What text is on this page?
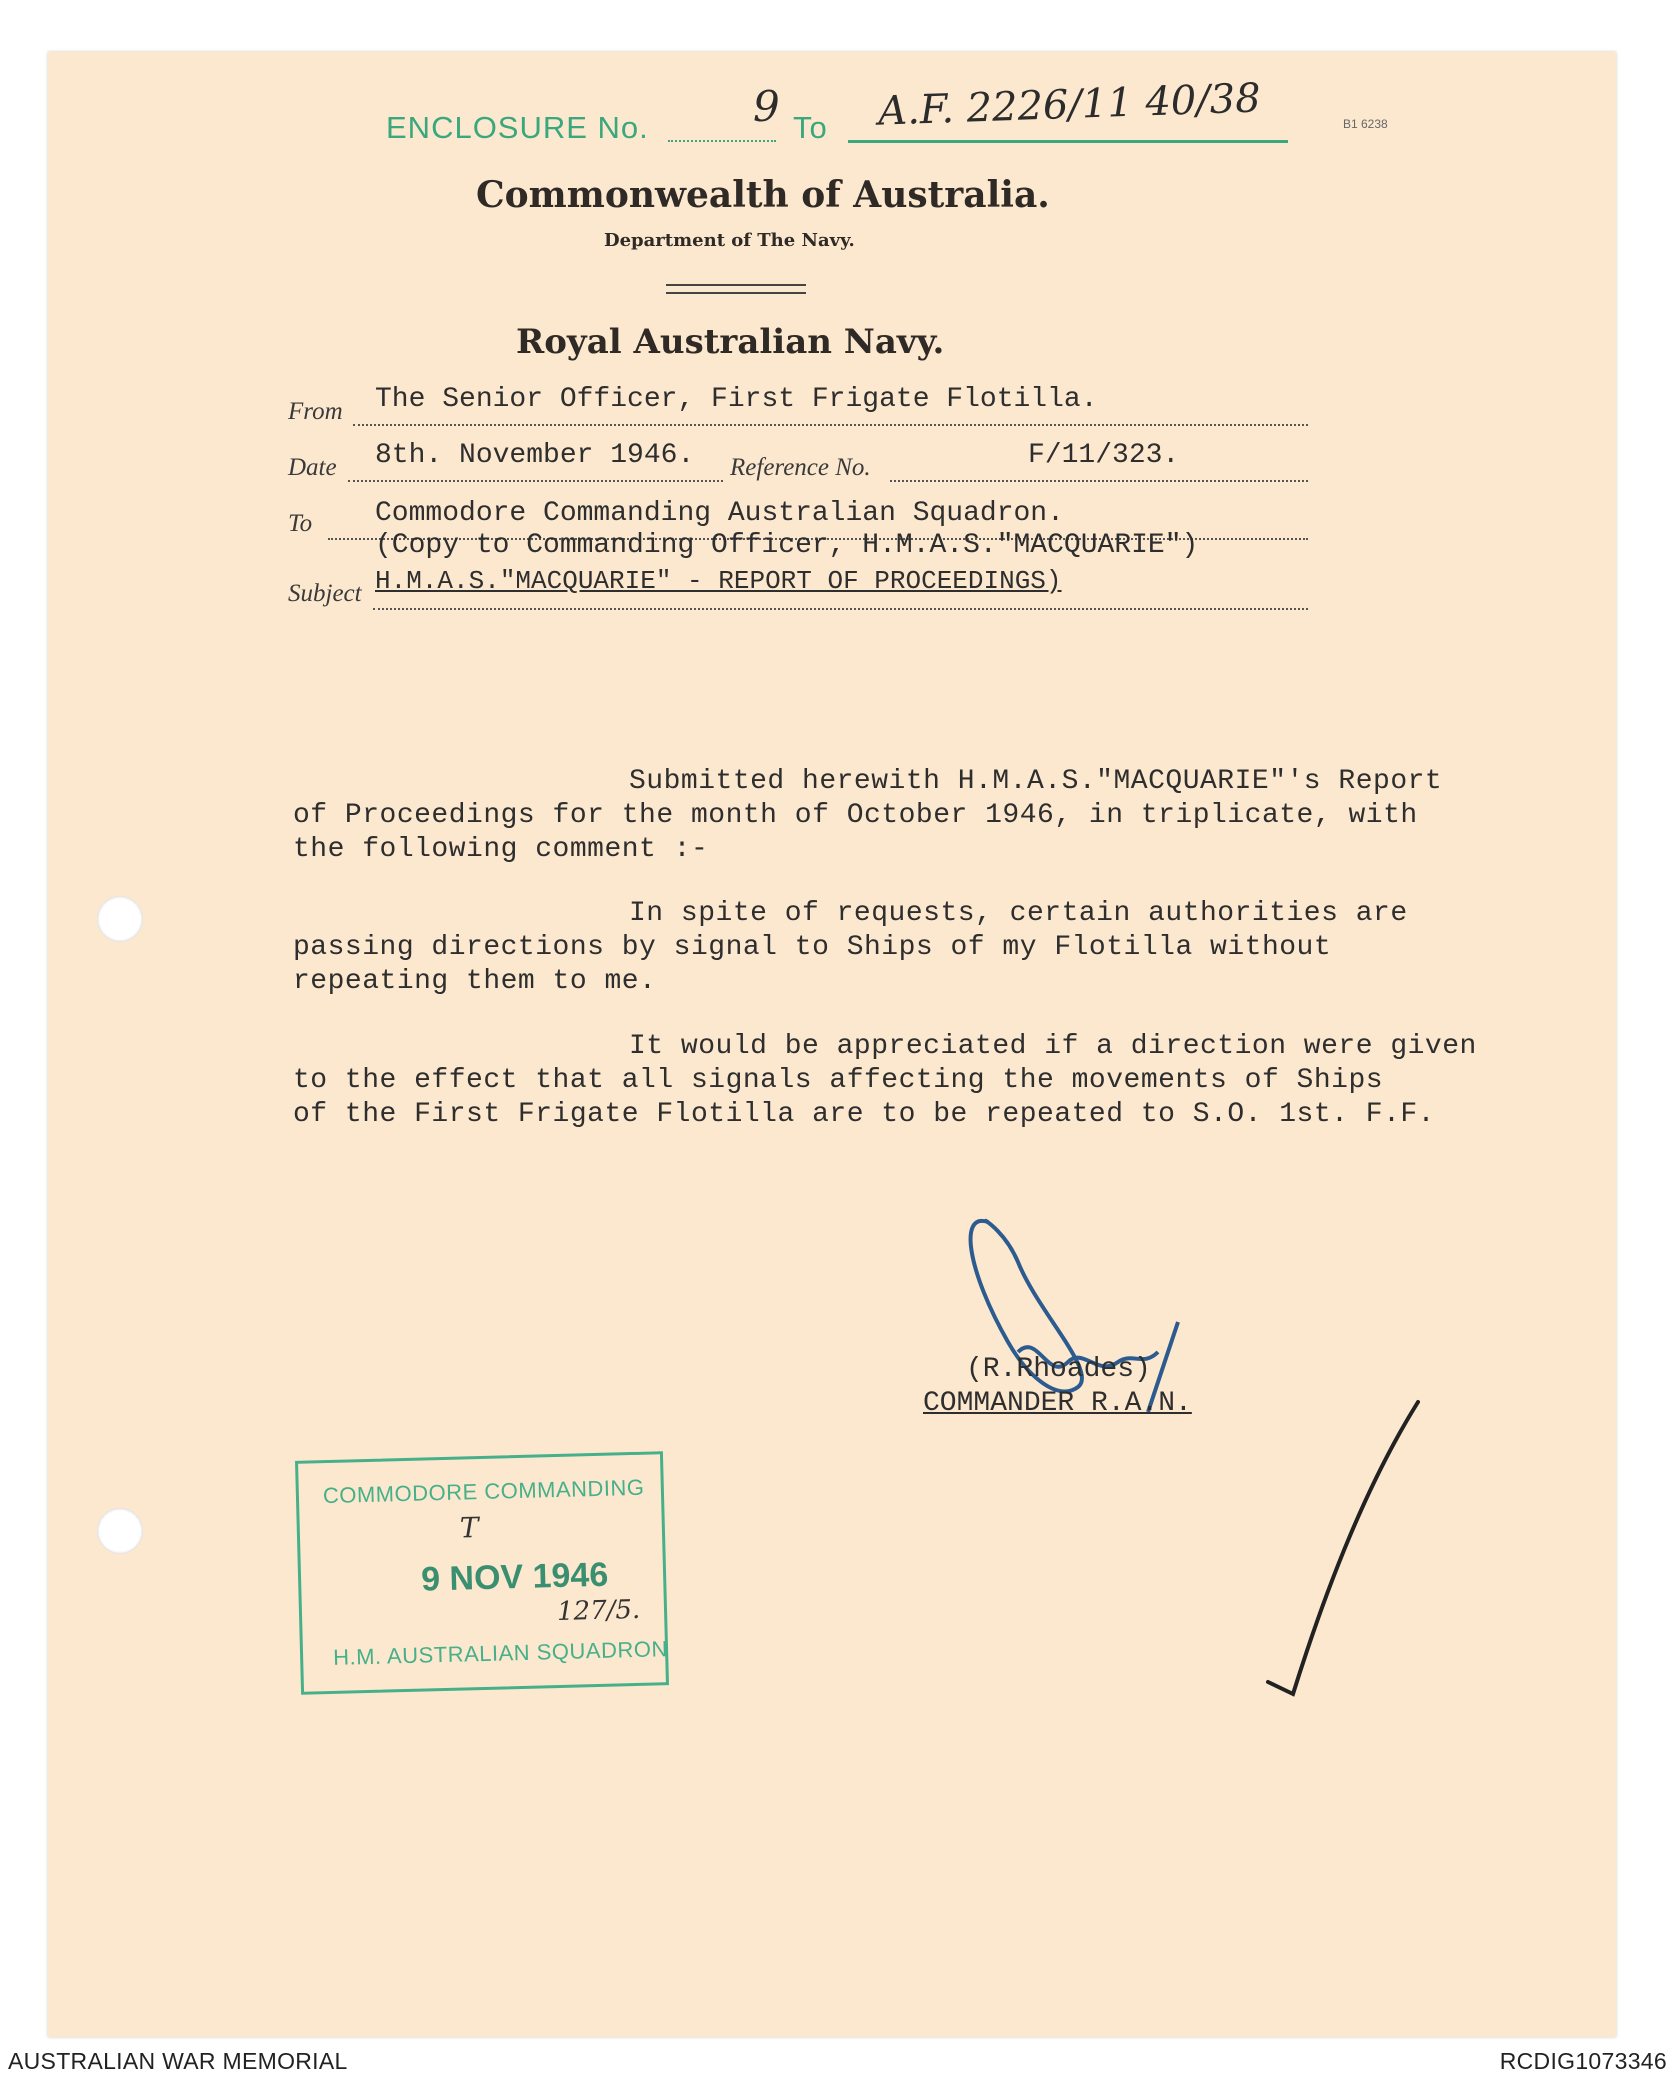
ENCLOSURE No. 9 To A.F. 2226/11 40/38	B1 6238
Commonwealth of Australia.
Department of The Navy.
Royal Australian Navy.
From The Senior Officer, First Frigate Flotilla.
Date 8th. November 1946. Reference No.	F/11/323.
To Commodore Commanding Australian Squadron.
(Copy to Commanding Officer, H.M.A.S."MACQUARIE")
Subject H.M.A.S."MACQUARIE" - REPORT OF PROCEEDINGS)
Submitted herewith H.M.A.S."MACQUARIE"'s Report
of Proceedings for the month of October 1946, in triplicate, with
the following comment :-
In spite of requests, certain authorities are
passing directions by signal to Ships of my Flotilla without
repeating them to me.
It would be appreciated if a direction were given
to the effect that all signals affecting the movements of Ships
of the First Frigate Flotilla are to be repeated to S.O. 1st. F.F.
(R.Rhoades)
COMMANDER R.A.N.
COMMODORE COMMANDING
T
9 NOV 1946
127/5.
H.M. AUSTRALIAN SQUADRON
AUSTRALIAN WAR MEMORIAL	RCDIG1073346
